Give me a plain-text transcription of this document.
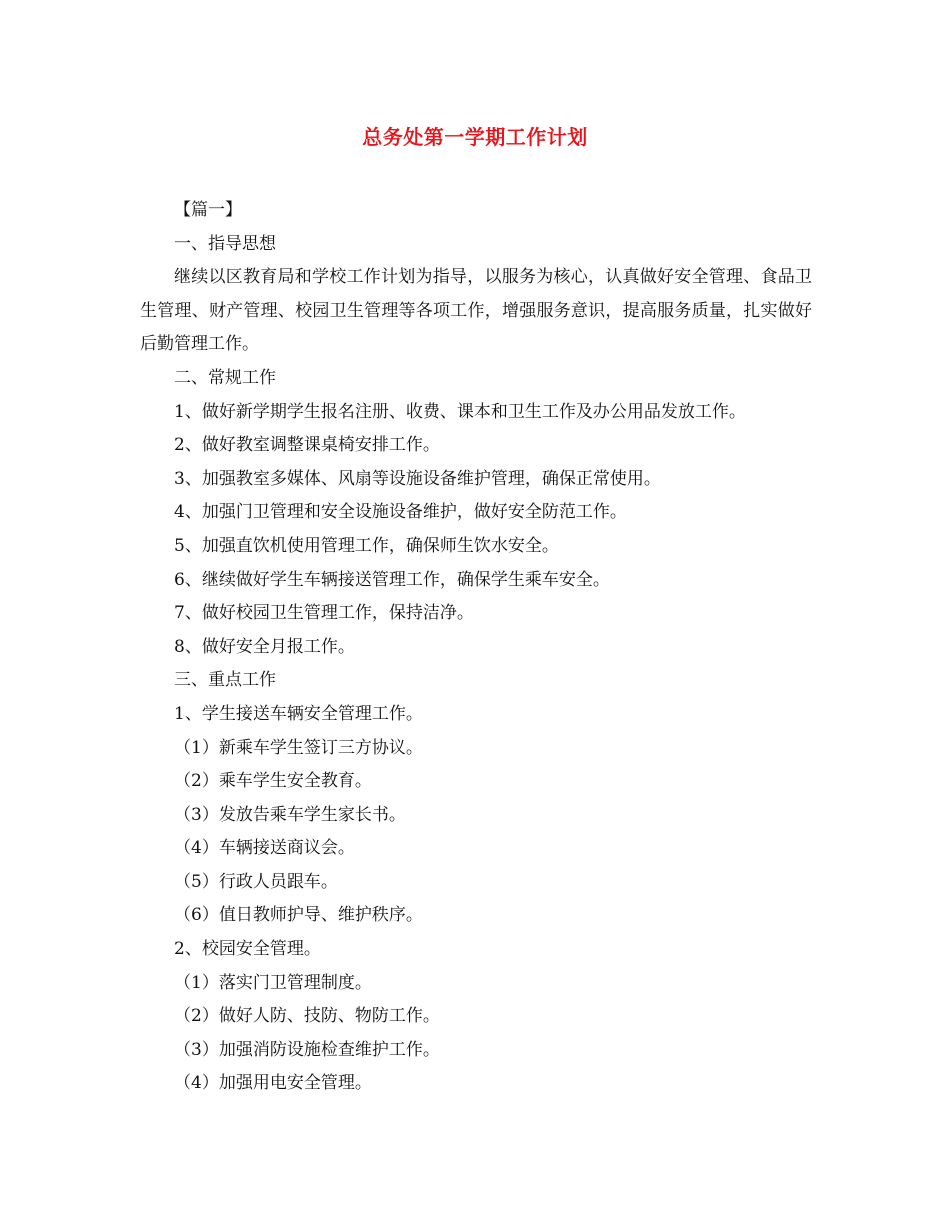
总务处第一学期工作计划
【篇一】
一、指导思想
继续以区教育局和学校工作计划为指导，以服务为核心，认真做好安全管理、食品卫生管理、财产管理、校园卫生管理等各项工作，增强服务意识，提高服务质量，扎实做好后勤管理工作。
二、常规工作
1、做好新学期学生报名注册、收费、课本和卫生工作及办公用品发放工作。
2、做好教室调整课桌椅安排工作。
3、加强教室多媒体、风扇等设施设备维护管理，确保正常使用。
4、加强门卫管理和安全设施设备维护，做好安全防范工作。
5、加强直饮机使用管理工作，确保师生饮水安全。
6、继续做好学生车辆接送管理工作，确保学生乘车安全。
7、做好校园卫生管理工作，保持洁净。
8、做好安全月报工作。
三、重点工作
1、学生接送车辆安全管理工作。
（1）新乘车学生签订三方协议。
（2）乘车学生安全教育。
（3）发放告乘车学生家长书。
（4）车辆接送商议会。
（5）行政人员跟车。
（6）值日教师护导、维护秩序。
2、校园安全管理。
（1）落实门卫管理制度。
（2）做好人防、技防、物防工作。
（3）加强消防设施检查维护工作。
（4）加强用电安全管理。
